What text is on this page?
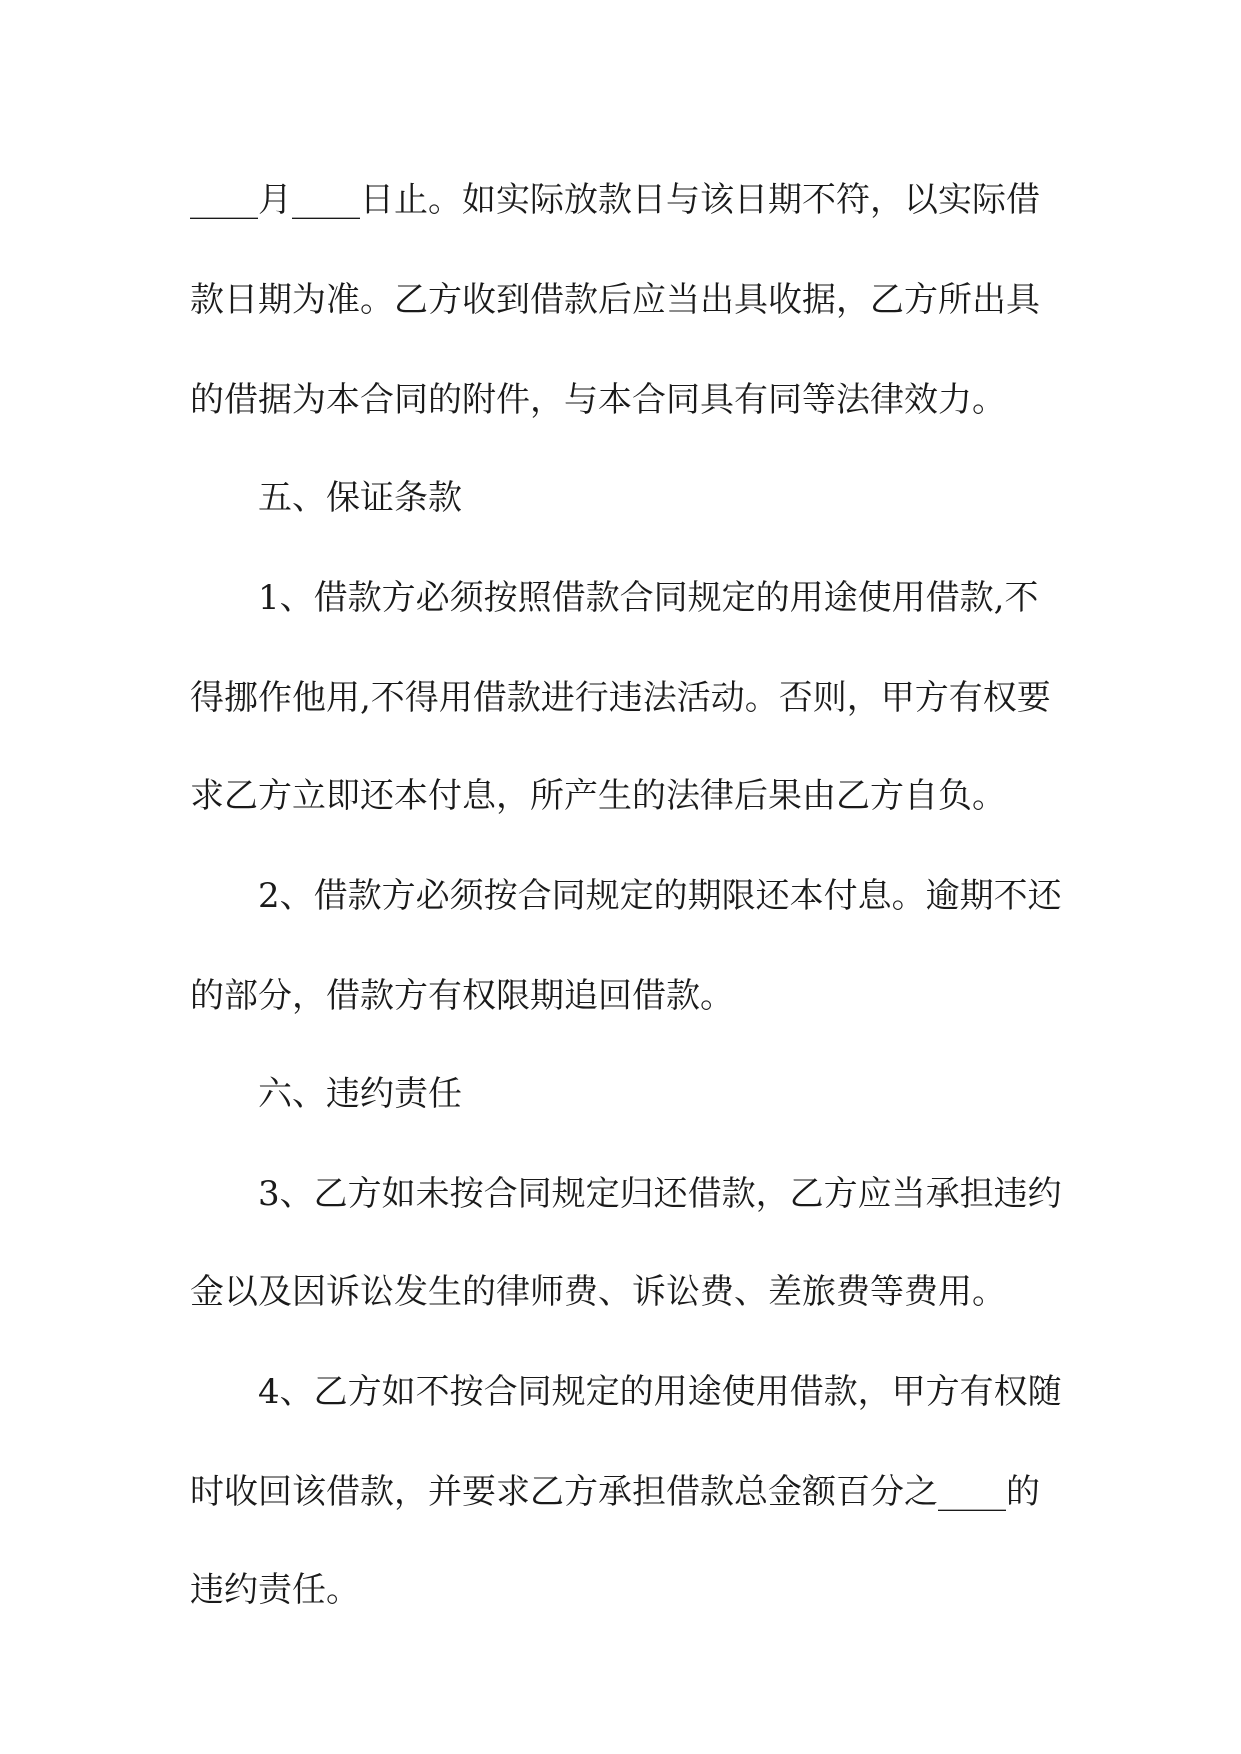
____月____日止。如实际放款日与该日期不符，以实际借

款日期为准。乙方收到借款后应当出具收据，乙方所出具

的借据为本合同的附件，与本合同具有同等法律效力。

五、保证条款

1、借款方必须按照借款合同规定的用途使用借款,不

得挪作他用,不得用借款进行违法活动。否则，甲方有权要

求乙方立即还本付息，所产生的法律后果由乙方自负。

2、借款方必须按合同规定的期限还本付息。逾期不还

的部分，借款方有权限期追回借款。

六、违约责任

3、乙方如未按合同规定归还借款，乙方应当承担违约

金以及因诉讼发生的律师费、诉讼费、差旅费等费用。

4、乙方如不按合同规定的用途使用借款，甲方有权随

时收回该借款，并要求乙方承担借款总金额百分之____的

违约责任。
